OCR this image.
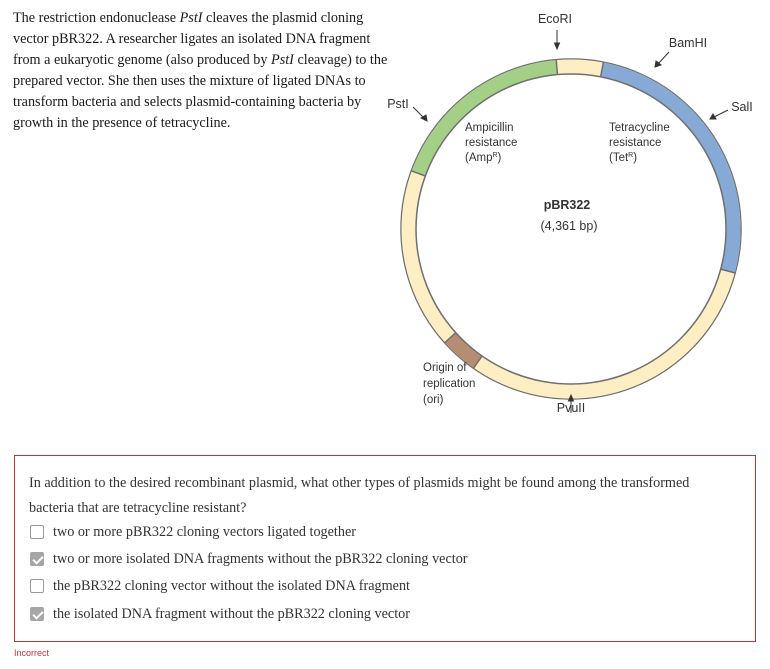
The restriction endonuclease PstI cleaves the plasmid cloning vector pBR322. A researcher ligates an isolated DNA fragment from a eukaryotic genome (also produced by PstI cleavage) to the prepared vector. She then uses the mixture of ligated DNAs to transform bacteria and selects plasmid-containing bacteria by growth in the presence of tetracycline.
EcoRI
BamHI
SalI
PstI
PvuII
Ampicillin resistance (Amp$^R$)
Tetracycline resistance (Tet$^R$)
Origin of replication (ori)
pBR322
(4,361 bp)
In addition to the desired recombinant plasmid, what other types of plasmids might be found among the transformed bacteria that are tetracycline resistant?
two or more pBR322 cloning vectors ligated together
two or more isolated DNA fragments without the pBR322 cloning vector
the pBR322 cloning vector without the isolated DNA fragment
the isolated DNA fragment without the pBR322 cloning vector
Incorrect
